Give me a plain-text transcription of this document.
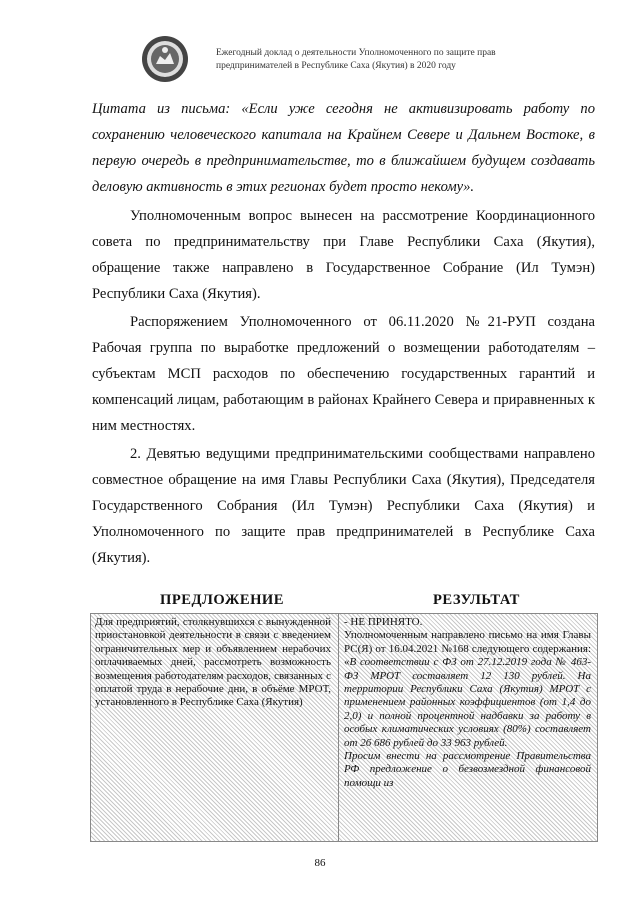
Ежегодный доклад о деятельности Уполномоченного по защите прав
предпринимателей в Республике Саха (Якутия) в 2020 году
Цитата из письма: «Если уже сегодня не активизировать работу по сохранению человеческого капитала на Крайнем Севере и Дальнем Востоке, в первую очередь в предпринимательстве, то в ближайшем будущем создавать деловую активность в этих регионах будет просто некому».
Уполномоченным вопрос вынесен на рассмотрение Координационного совета по предпринимательству при Главе Республики Саха (Якутия), обращение также направлено в Государственное Собрание (Ил Тумэн) Республики Саха (Якутия).
Распоряжением Уполномоченного от 06.11.2020 №21-РУП создана Рабочая группа по выработке предложений о возмещении работодателям – субъектам МСП расходов по обеспечению государственных гарантий и компенсаций лицам, работающим в районах Крайнего Севера и приравненных к ним местностях.
2. Девятью ведущими предпринимательскими сообществами направлено совместное обращение на имя Главы Республики Саха (Якутия), Председателя Государственного Собрания (Ил Тумэн) Республики Саха (Якутия) и Уполномоченного по защите прав предпринимателей в Республике Саха (Якутия).
ПРЕДЛОЖЕНИЕ	РЕЗУЛЬТАТ
Для предприятий, столкнувшихся с вынужденной приостановкой деятельности в связи с введением ограничительных мер и объявлением нерабочих оплачиваемых дней, рассмотреть возможность возмещения работодателям расходов, связанных с оплатой труда в нерабочие дни, в объёме МРОТ, установленного в Республике Саха (Якутия)
- НЕ ПРИНЯТО.
Уполномоченным направлено письмо на имя Главы РС(Я) от 16.04.2021 №168 следующего содержания: «В соответствии с ФЗ от 27.12.2019 года № 463-ФЗ МРОТ составляет 12 130 рублей. На территории Республики Саха (Якутия) МРОТ с применением районных коэффициентов (от 1,4 до 2,0) и полной процентной надбавки за работу в особых климатических условиях (80%) составляет от 26 686 рублей до 33 963 рублей.
Просим внести на рассмотрение Правительства РФ предложение о безвозмездной финансовой помощи из
86
